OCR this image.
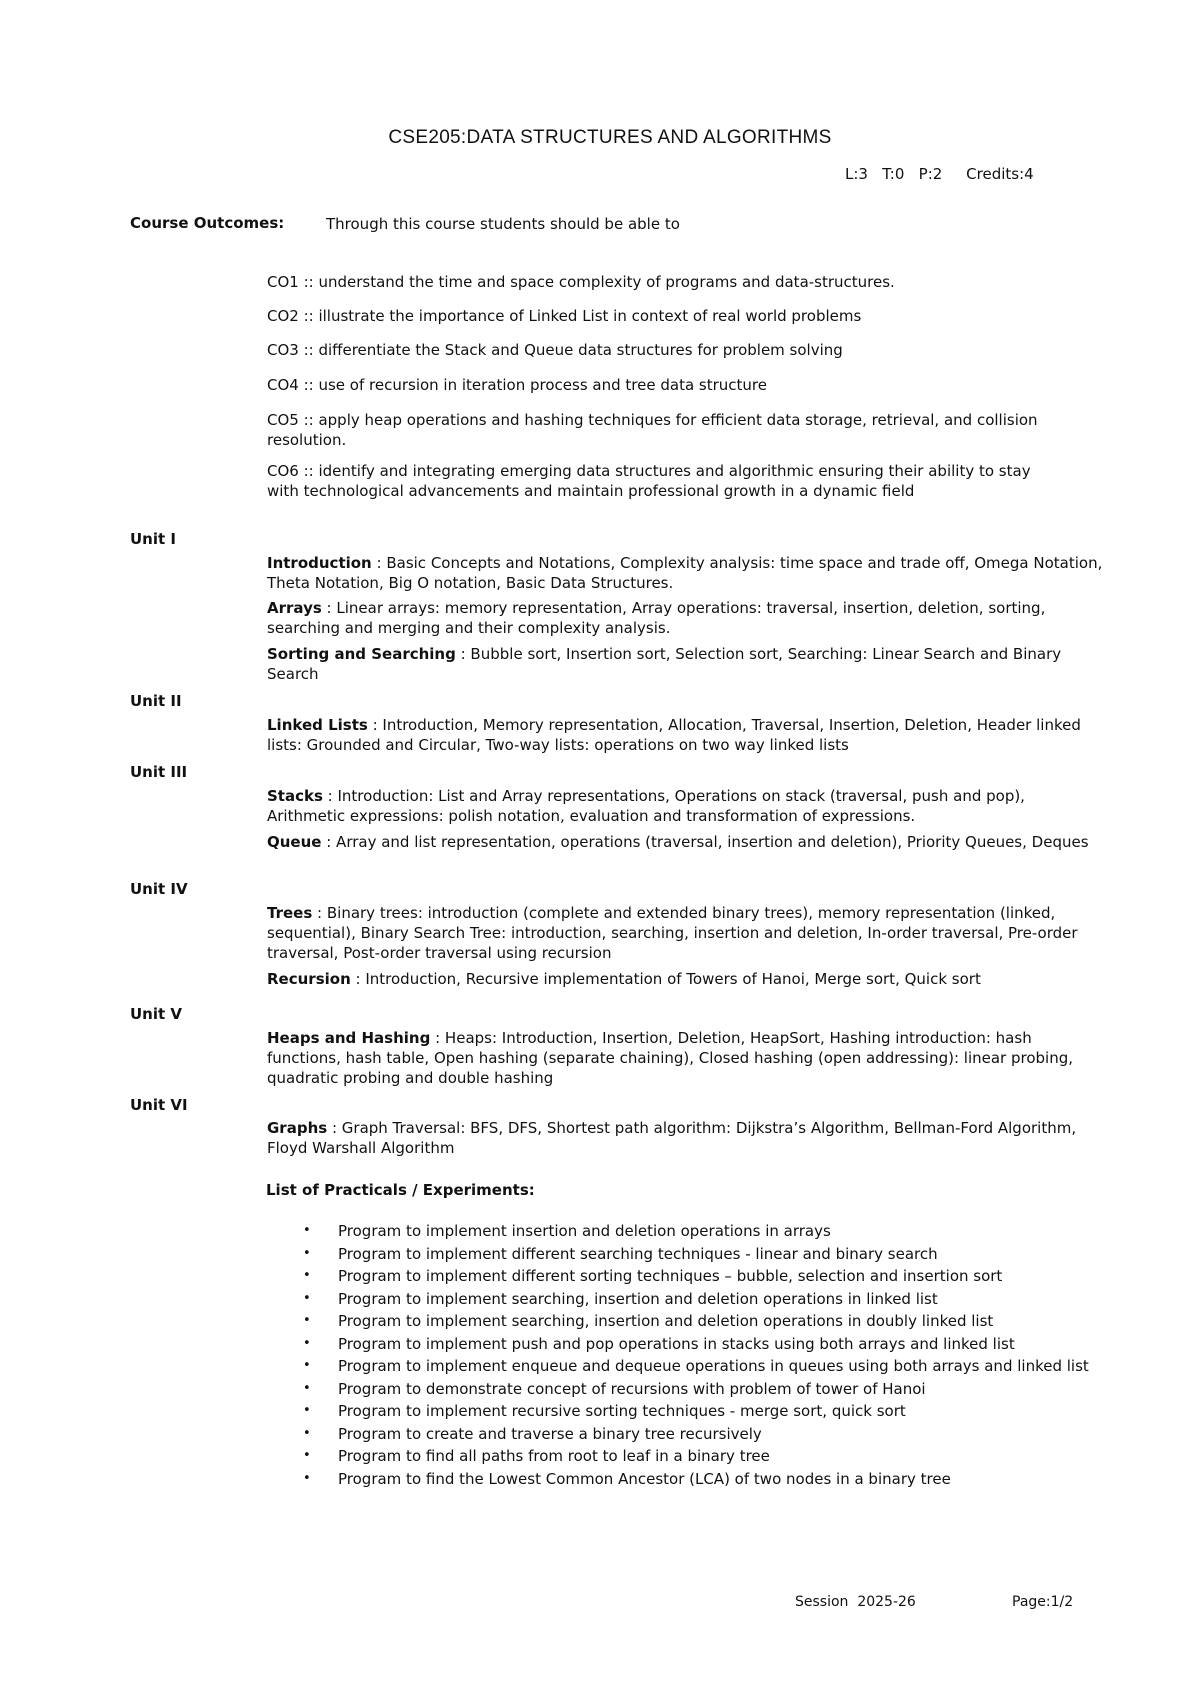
CSE205:DATA STRUCTURES AND ALGORITHMS
L:3   T:0   P:2     Credits:4
Course Outcomes:	Through this course students should be able to
CO1 :: understand the time and space complexity of programs and data-structures.
CO2 :: illustrate the importance of Linked List in context of real world problems
CO3 :: differentiate the Stack and Queue data structures for problem solving
CO4 :: use of recursion in iteration process and tree data structure
CO5 :: apply heap operations and hashing techniques for efficient data storage, retrieval, and collision resolution.
CO6 :: identify and integrating emerging data structures and algorithmic ensuring their ability to stay with technological advancements and maintain professional growth in a dynamic field
Unit I
Introduction : Basic Concepts and Notations, Complexity analysis: time space and trade off, Omega Notation, Theta Notation, Big O notation, Basic Data Structures.
Arrays : Linear arrays: memory representation, Array operations: traversal, insertion, deletion, sorting, searching and merging and their complexity analysis.
Sorting and Searching : Bubble sort, Insertion sort, Selection sort, Searching: Linear Search and Binary Search
Unit II
Linked Lists : Introduction, Memory representation, Allocation, Traversal, Insertion, Deletion, Header linked lists: Grounded and Circular, Two-way lists: operations on two way linked lists
Unit III
Stacks : Introduction: List and Array representations, Operations on stack (traversal, push and pop), Arithmetic expressions: polish notation, evaluation and transformation of expressions.
Queue : Array and list representation, operations (traversal, insertion and deletion), Priority Queues, Deques
Unit IV
Trees : Binary trees: introduction (complete and extended binary trees), memory representation (linked, sequential), Binary Search Tree: introduction, searching, insertion and deletion, In-order traversal, Pre-order traversal, Post-order traversal using recursion
Recursion : Introduction, Recursive implementation of Towers of Hanoi, Merge sort, Quick sort
Unit V
Heaps and Hashing : Heaps: Introduction, Insertion, Deletion, HeapSort, Hashing introduction: hash functions, hash table, Open hashing (separate chaining), Closed hashing (open addressing): linear probing, quadratic probing and double hashing
Unit VI
Graphs : Graph Traversal: BFS, DFS, Shortest path algorithm: Dijkstra’s Algorithm, Bellman-Ford Algorithm, Floyd Warshall Algorithm
List of Practicals / Experiments:
• Program to implement insertion and deletion operations in arrays
• Program to implement different searching techniques - linear and binary search
• Program to implement different sorting techniques – bubble, selection and insertion sort
• Program to implement searching, insertion and deletion operations in linked list
• Program to implement searching, insertion and deletion operations in doubly linked list
• Program to implement push and pop operations in stacks using both arrays and linked list
• Program to implement enqueue and dequeue operations in queues using both arrays and linked list
• Program to demonstrate concept of recursions with problem of tower of Hanoi
• Program to implement recursive sorting techniques - merge sort, quick sort
• Program to create and traverse a binary tree recursively
• Program to find all paths from root to leaf in a binary tree
• Program to find the Lowest Common Ancestor (LCA) of two nodes in a binary tree
Session  2025-26	Page:1/2
